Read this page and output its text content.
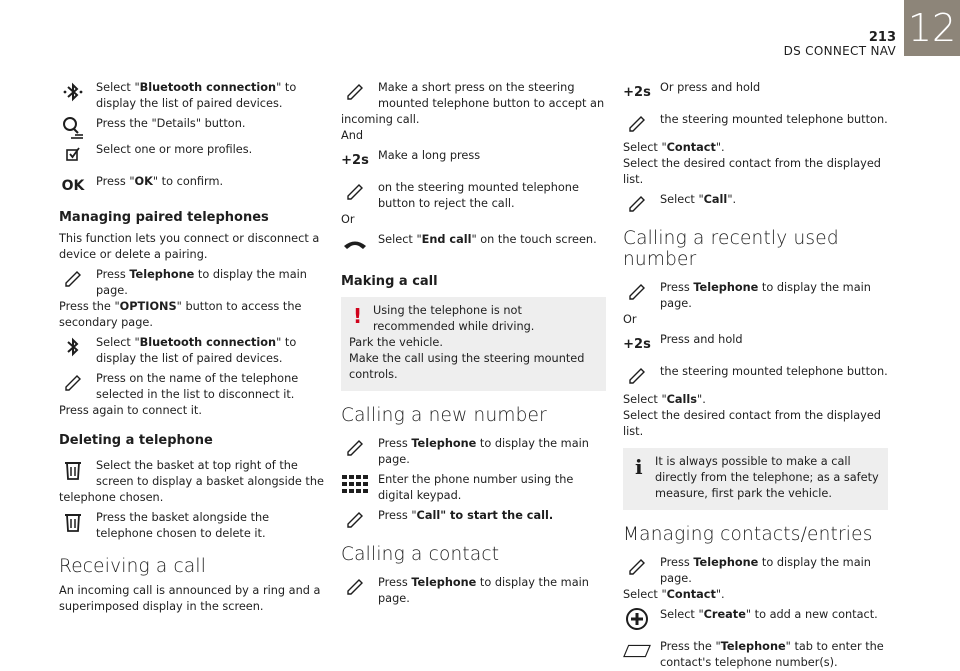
213
DS CONNECT NAV
12

Select "Bluetooth connection" to display the list of paired devices.

Press the "Details" button.

Select one or more profiles.

OK Press "OK" to confirm.

Managing paired telephones

This function lets you connect or disconnect a device or delete a pairing.

Press Telephone to display the main page.

Press the "OPTIONS" button to access the secondary page.

Select "Bluetooth connection" to display the list of paired devices.

Press on the name of the telephone selected in the list to disconnect it.

Press again to connect it.

Deleting a telephone

Select the basket at top right of the screen to display a basket alongside the

telephone chosen.

Press the basket alongside the telephone chosen to delete it.

Receiving a call

An incoming call is announced by a ring and a superimposed display in the screen.

Make a short press on the steering mounted telephone button to accept an

incoming call.

And

+2s Make a long press

on the steering mounted telephone button to reject the call.

Or

Select "End call" on the touch screen.

Making a call
! Using the telephone is not recommended while driving.

Park the vehicle.

Make the call using the steering mounted controls.

Calling a new number

Press Telephone to display the main page.

Enter the phone number using the digital keypad.

Press "Call" to start the call.

Calling a contact

Press Telephone to display the main page.

+2s Or press and hold

the steering mounted telephone button.

Select "Contact".

Select the desired contact from the displayed list.

Select "Call".

Calling a recently used number

Press Telephone to display the main page.

Or

+2s Press and hold

the steering mounted telephone button.

Select "Calls".

Select the desired contact from the displayed list.

i It is always possible to make a call directly from the telephone; as a safety measure, first park the vehicle.

Managing contacts/entries

Press Telephone to display the main page.

Select "Contact".

Select "Create" to add a new contact.

Press the "Telephone" tab to enter the contact's telephone number(s).
